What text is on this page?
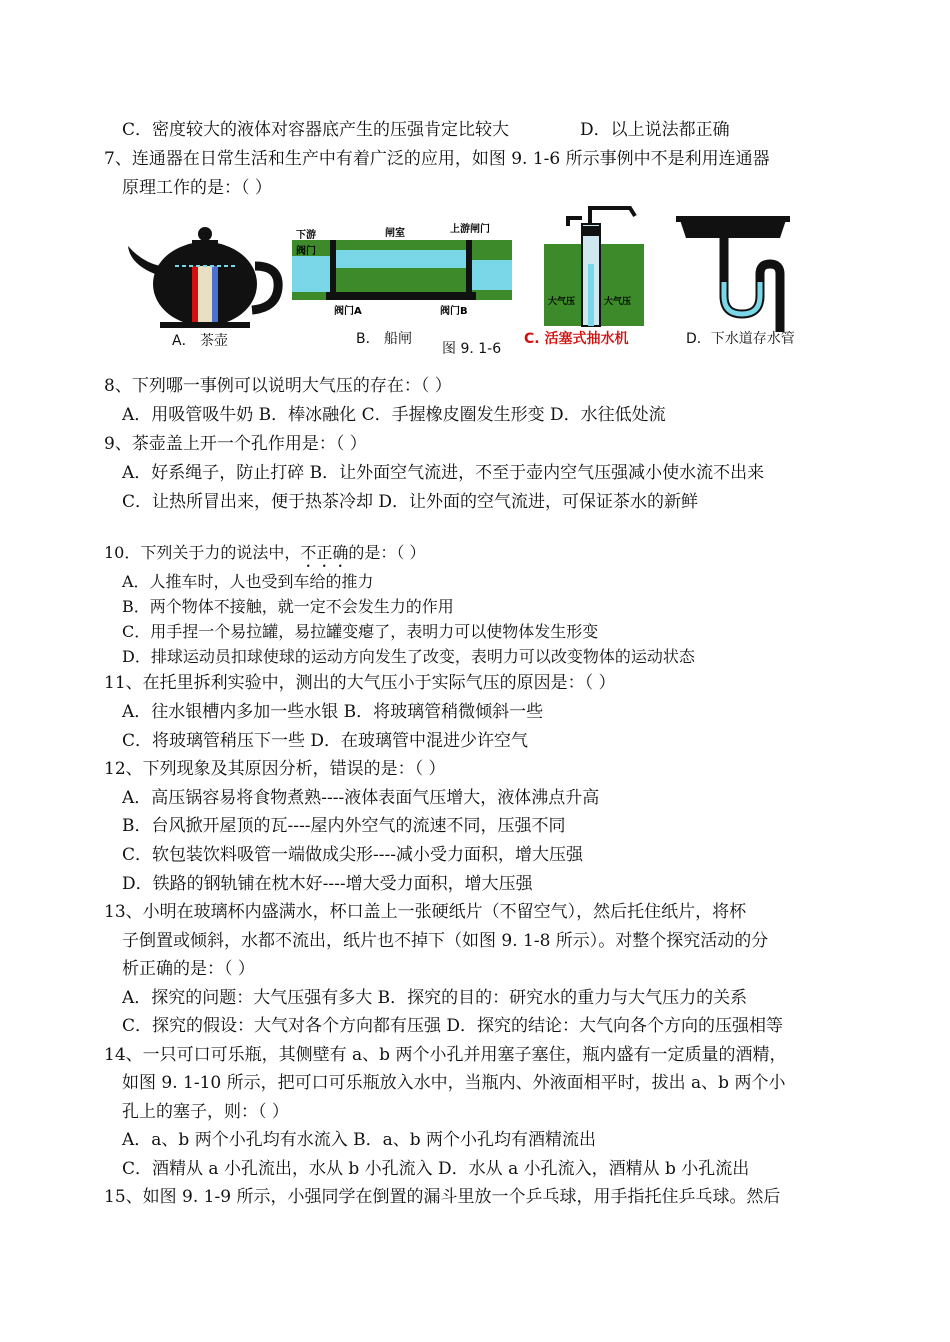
C．密度较大的液体对容器底产生的压强肯定比较大	D．以上说法都正确
7、连通器在日常生活和生产中有着广泛的应用，如图 9. 1-6 所示事例中不是利用连通器
原理工作的是：（ ）
下游	闸室	上游闸门
阀门
阀门A	阀门B
大气压	大气压
A． 茶壶	B． 船闸
图 9. 1-6
C. 活塞式抽水机	D．下水道存水管
8、下列哪一事例可以说明大气压的存在：（ ）
A．用吸管吸牛奶 B．棒冰融化 C．手握橡皮圈发生形变 D．水往低处流
9、茶壶盖上开一个孔作用是：（ ）
A．好系绳子，防止打碎 B．让外面空气流进，不至于壶内空气压强减小使水流不出来
C．让热所冒出来，便于热茶冷却 D．让外面的空气流进，可保证茶水的新鲜
10．下列关于力的说法中，不正确的是：（ ）
A．人推车时，人也受到车给的推力
B．两个物体不接触，就一定不会发生力的作用
C．用手捏一个易拉罐，易拉罐变瘪了，表明力可以使物体发生形变
D．排球运动员扣球使球的运动方向发生了改变，表明力可以改变物体的运动状态
11、在托里拆利实验中，测出的大气压小于实际气压的原因是：（ ）
A．往水银槽内多加一些水银 B．将玻璃管稍微倾斜一些
C．将玻璃管稍压下一些 D．在玻璃管中混进少许空气
12、下列现象及其原因分析，错误的是：（ ）
A．高压锅容易将食物煮熟----液体表面气压增大，液体沸点升高
B．台风掀开屋顶的瓦----屋内外空气的流速不同，压强不同
C．软包装饮料吸管一端做成尖形----减小受力面积，增大压强
D．铁路的钢轨铺在枕木好----增大受力面积，增大压强
13、小明在玻璃杯内盛满水，杯口盖上一张硬纸片（不留空气），然后托住纸片，将杯
子倒置或倾斜，水都不流出，纸片也不掉下（如图 9. 1-8 所示）。对整个探究活动的分
析正确的是：（ ）
A．探究的问题：大气压强有多大 B．探究的目的：研究水的重力与大气压力的关系
C．探究的假设：大气对各个方向都有压强 D．探究的结论：大气向各个方向的压强相等
14、一只可口可乐瓶，其侧壁有 a、b 两个小孔并用塞子塞住，瓶内盛有一定质量的酒精，
如图 9. 1-10 所示，把可口可乐瓶放入水中，当瓶内、外液面相平时，拔出 a、b 两个小
孔上的塞子，则：（ ）
A．a、b 两个小孔均有水流入 B．a、b 两个小孔均有酒精流出
C．酒精从 a 小孔流出，水从 b 小孔流入 D．水从 a 小孔流入，酒精从 b 小孔流出
15、如图 9. 1-9 所示，小强同学在倒置的漏斗里放一个乒乓球，用手指托住乒乓球。然后
